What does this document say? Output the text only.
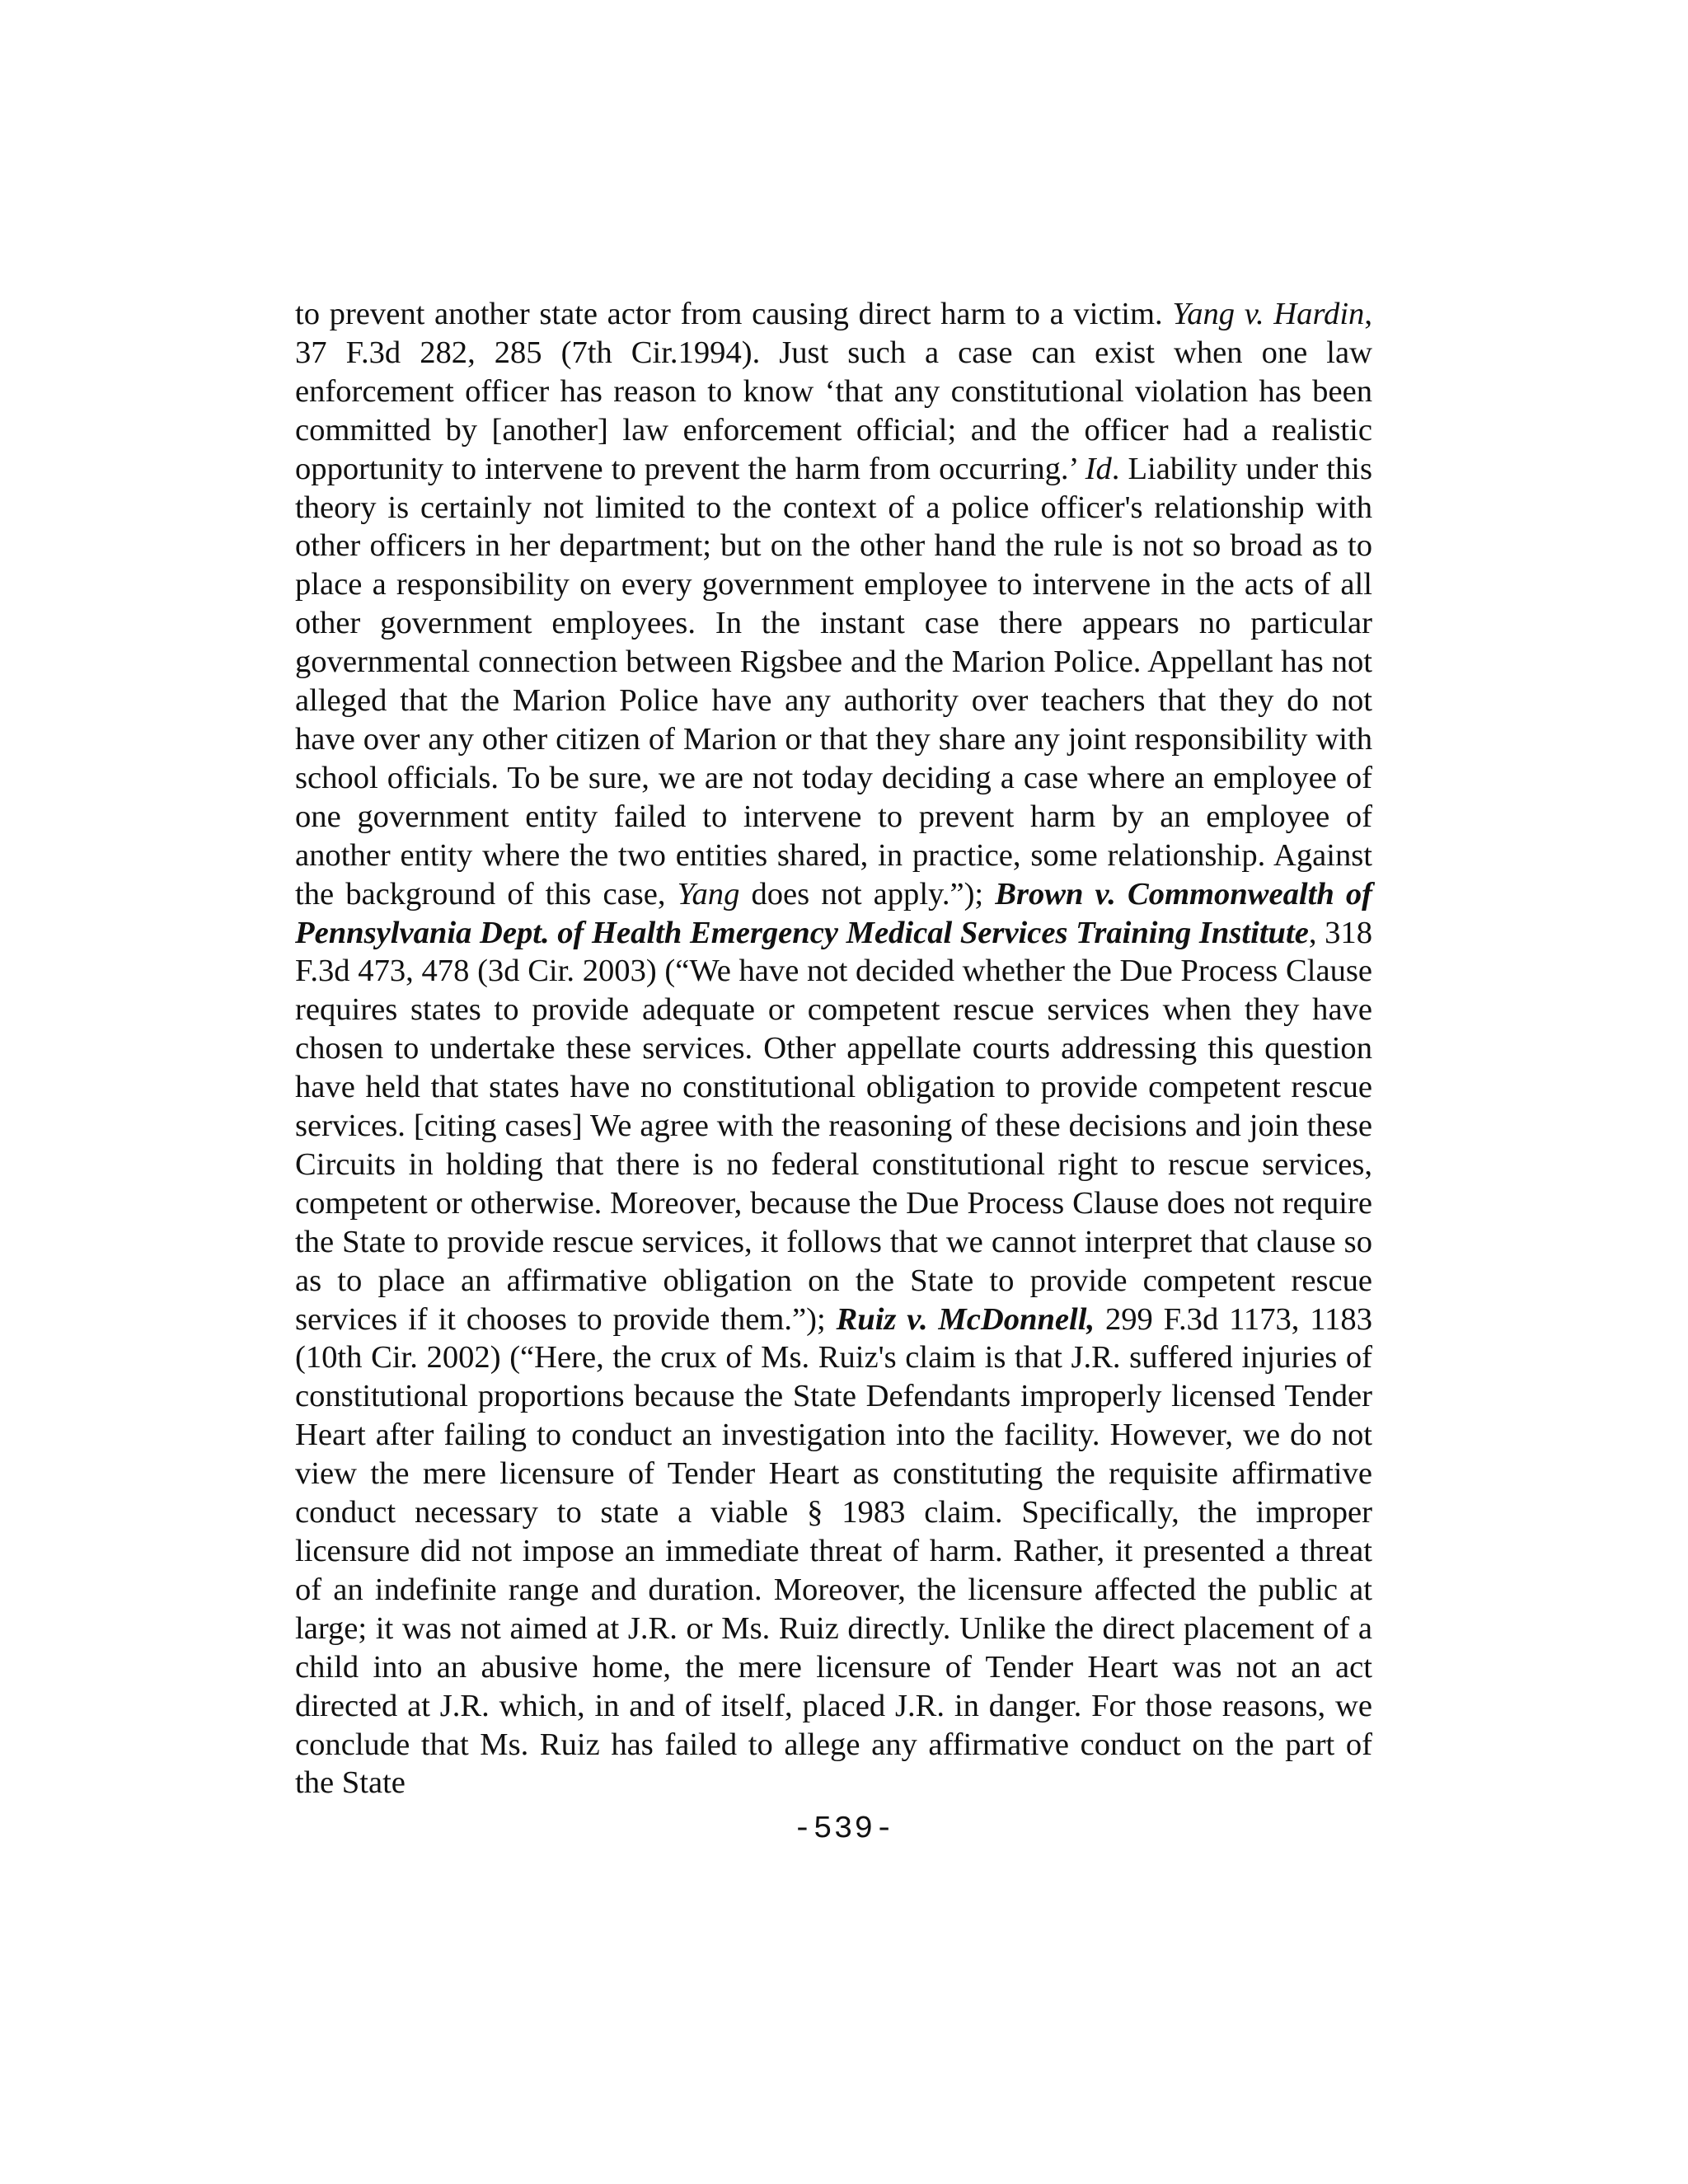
to prevent another state actor from causing direct harm to a victim. Yang v. Hardin, 37 F.3d 282, 285 (7th Cir.1994). Just such a case can exist when one law enforcement officer has reason to know ‘that any constitutional violation has been committed by [another] law enforcement official; and the officer had a realistic opportunity to intervene to prevent the harm from occurring.’ Id. Liability under this theory is certainly not limited to the context of a police officer's relationship with other officers in her department; but on the other hand the rule is not so broad as to place a responsibility on every government employee to intervene in the acts of all other government employees. In the instant case there appears no particular governmental connection between Rigsbee and the Marion Police. Appellant has not alleged that the Marion Police have any authority over teachers that they do not have over any other citizen of Marion or that they share any joint responsibility with school officials. To be sure, we are not today deciding a case where an employee of one government entity failed to intervene to prevent harm by an employee of another entity where the two entities shared, in practice, some relationship. Against the background of this case, Yang does not apply.”); Brown v. Commonwealth of Pennsylvania Dept. of Health Emergency Medical Services Training Institute, 318 F.3d 473, 478 (3d Cir. 2003) (“We have not decided whether the Due Process Clause requires states to provide adequate or competent rescue services when they have chosen to undertake these services. Other appellate courts addressing this question have held that states have no constitutional obligation to provide competent rescue services. [citing cases] We agree with the reasoning of these decisions and join these Circuits in holding that there is no federal constitutional right to rescue services, competent or otherwise. Moreover, because the Due Process Clause does not require the State to provide rescue services, it follows that we cannot interpret that clause so as to place an affirmative obligation on the State to provide competent rescue services if it chooses to provide them.”); Ruiz v. McDonnell, 299 F.3d 1173, 1183 (10th Cir. 2002) (“Here, the crux of Ms. Ruiz's claim is that J.R. suffered injuries of constitutional proportions because the State Defendants improperly licensed Tender Heart after failing to conduct an investigation into the facility. However, we do not view the mere licensure of Tender Heart as constituting the requisite affirmative conduct necessary to state a viable § 1983 claim. Specifically, the improper licensure did not impose an immediate threat of harm. Rather, it presented a threat of an indefinite range and duration. Moreover, the licensure affected the public at large; it was not aimed at J.R. or Ms. Ruiz directly. Unlike the direct placement of a child into an abusive home, the mere licensure of Tender Heart was not an act directed at J.R. which, in and of itself, placed J.R. in danger. For those reasons, we conclude that Ms. Ruiz has failed to allege any affirmative conduct on the part of the State

-539-
